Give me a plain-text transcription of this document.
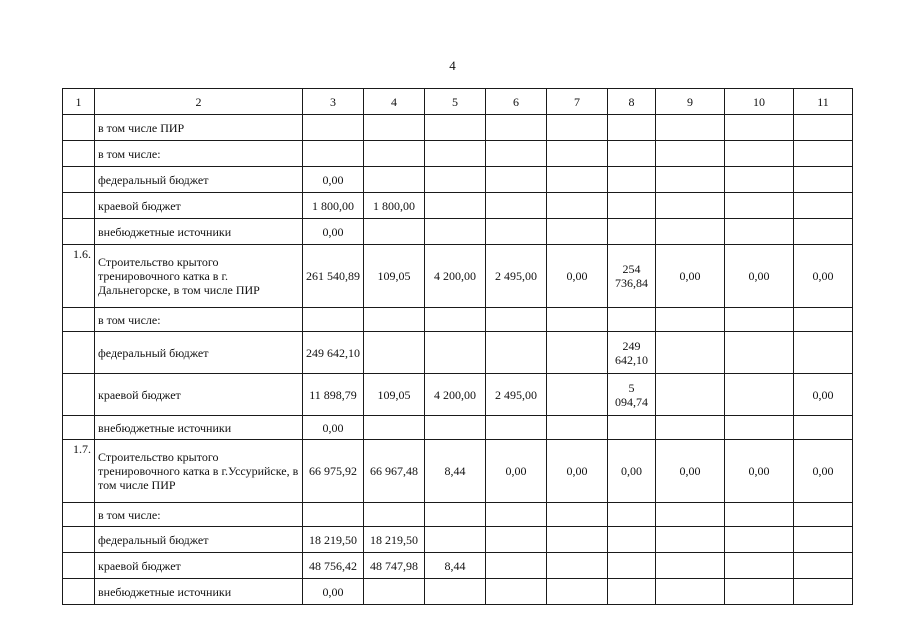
4
1	2	3	4	5	6	7	8	9	10	11
	в том числе ПИР									
	в том числе:									
	федеральный бюджет	0,00								
	краевой бюджет	1 800,00	1 800,00							
	внебюджетные источники	0,00								
1.6.	Строительство крытого тренировочного катка в г. Дальнегорске, в том числе ПИР	261 540,89	109,05	4 200,00	2 495,00	0,00	254 736,84	0,00	0,00	0,00
	в том числе:									
	федеральный бюджет	249 642,10					249 642,10			
	краевой бюджет	11 898,79	109,05	4 200,00	2 495,00		5 094,74			0,00
	внебюджетные источники	0,00								
1.7.	Строительство крытого тренировочного катка в г.Уссурийске, в том числе ПИР	66 975,92	66 967,48	8,44	0,00	0,00	0,00	0,00	0,00	0,00
	в том числе:									
	федеральный бюджет	18 219,50	18 219,50							
	краевой бюджет	48 756,42	48 747,98	8,44						
	внебюджетные источники	0,00								
